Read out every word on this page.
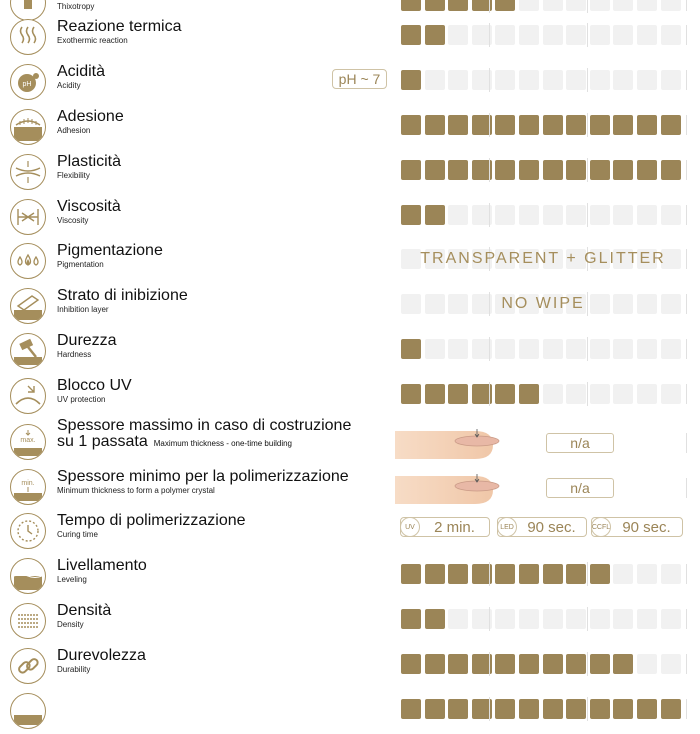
Thixotropy
Reazione termica
Exothermic reaction
pH
Acidità
Acidity	pH ~ 7
Adesione
Adhesion
Plasticità
Flexibility
Viscosità
Viscosity
Pigmentazione
Pigmentation	TRANSPARENT + GLITTER
Strato di inibizione
Inhibition layer	NO WIPE
Durezza
Hardness
Blocco UV
UV protection
max.
Spessore massimo in caso di costruzione
su 1 passata Maximum thickness - one-time building	n/a
min. Spessore minimo per la polimerizzazione
Minimum thickness to form a polymer crystal	n/a
Tempo di polimerizzazione
Curing time
UV	2 min.	LED 90 sec.	CCFL 90 sec.
Livellamento
Leveling
Densità
Density
Durevolezza
Durability
